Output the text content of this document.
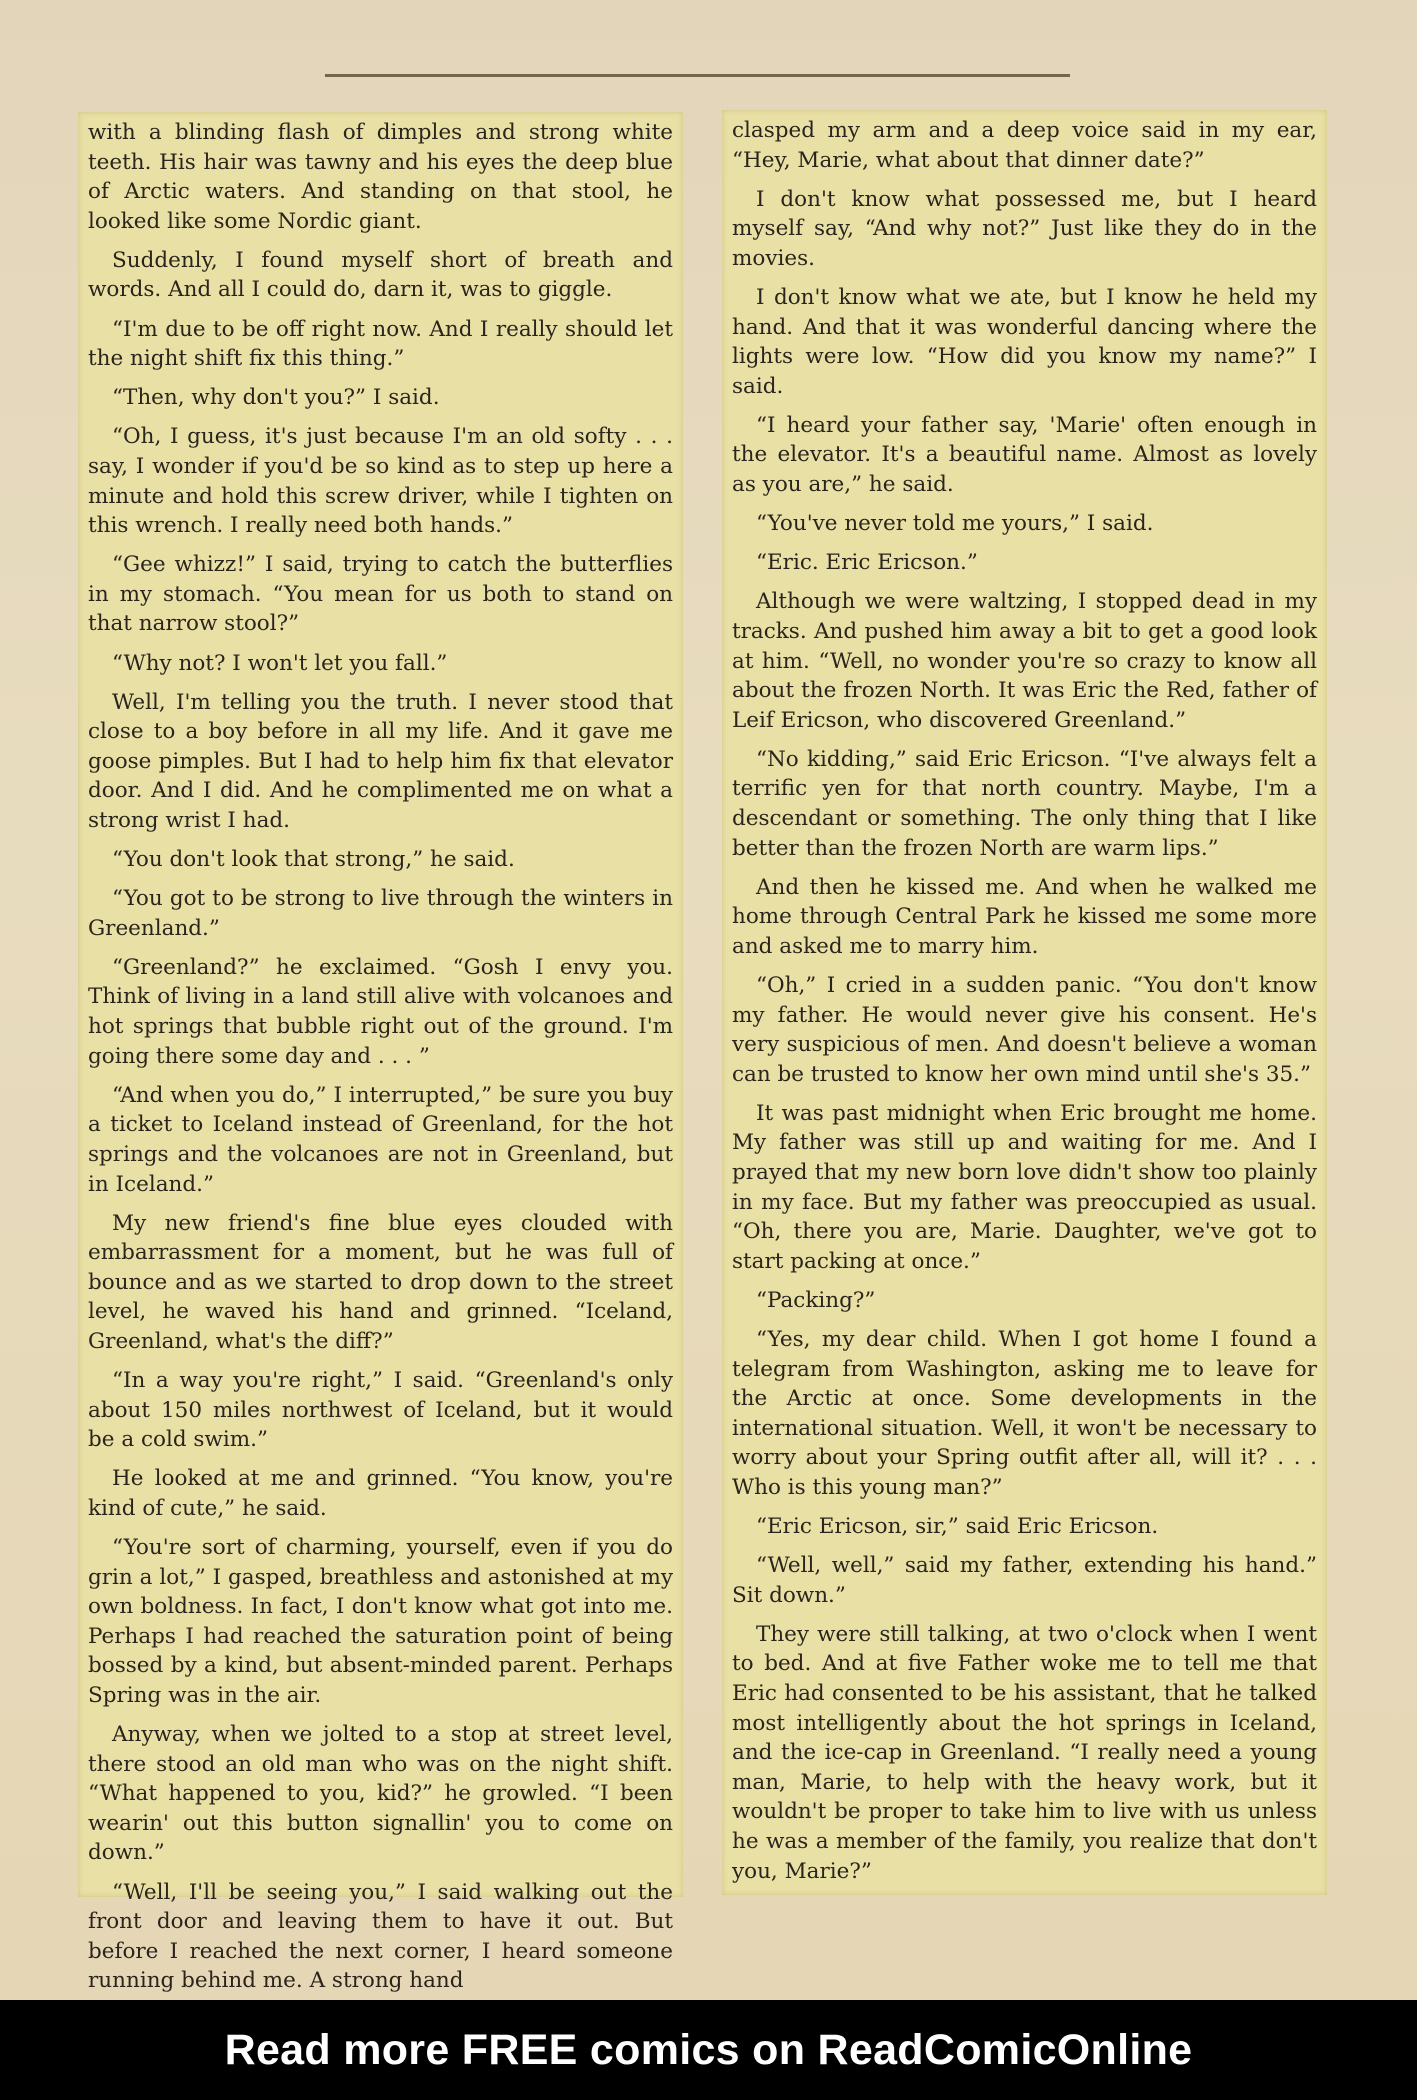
with a blinding flash of dimples and strong white teeth. His hair was tawny and his eyes the deep blue of Arctic waters. And standing on that stool, he looked like some Nordic giant.

Suddenly, I found myself short of breath and words. And all I could do, darn it, was to giggle.

“I'm due to be off right now. And I really should let the night shift fix this thing.”

“Then, why don't you?” I said.

“Oh, I guess, it's just because I'm an old softy . . . say, I wonder if you'd be so kind as to step up here a minute and hold this screw driver, while I tighten on this wrench. I really need both hands.”

“Gee whizz!” I said, trying to catch the butterflies in my stomach. “You mean for us both to stand on that narrow stool?”

“Why not? I won't let you fall.”

Well, I'm telling you the truth. I never stood that close to a boy before in all my life. And it gave me goose pimples. But I had to help him fix that elevator door. And I did. And he complimented me on what a strong wrist I had.

“You don't look that strong,” he said.

“You got to be strong to live through the winters in Greenland.”

“Greenland?” he exclaimed. “Gosh I envy you. Think of living in a land still alive with volcanoes and hot springs that bubble right out of the ground. I'm going there some day and . . . ”

“And when you do,” I interrupted,” be sure you buy a ticket to Iceland instead of Greenland, for the hot springs and the volcanoes are not in Greenland, but in Iceland.”

My new friend's fine blue eyes clouded with embarrassment for a moment, but he was full of bounce and as we started to drop down to the street level, he waved his hand and grinned. “Iceland, Greenland, what's the diff?”

“In a way you're right,” I said. “Greenland's only about 150 miles northwest of Iceland, but it would be a cold swim.”

He looked at me and grinned. “You know, you're kind of cute,” he said.

“You're sort of charming, yourself, even if you do grin a lot,” I gasped, breathless and astonished at my own boldness. In fact, I don't know what got into me. Perhaps I had reached the saturation point of being bossed by a kind, but absent-minded parent. Perhaps Spring was in the air.

Anyway, when we jolted to a stop at street level, there stood an old man who was on the night shift. “What happened to you, kid?” he growled. “I been wearin' out this button signallin' you to come on down.”

“Well, I'll be seeing you,” I said walking out the front door and leaving them to have it out. But before I reached the next corner, I heard someone running behind me. A strong hand

clasped my arm and a deep voice said in my ear, “Hey, Marie, what about that dinner date?”

I don't know what possessed me, but I heard myself say, “And why not?” Just like they do in the movies.

I don't know what we ate, but I know he held my hand. And that it was wonderful dancing where the lights were low. “How did you know my name?” I said.

“I heard your father say, 'Marie' often enough in the elevator. It's a beautiful name. Almost as lovely as you are,” he said.

“You've never told me yours,” I said.

“Eric. Eric Ericson.”

Although we were waltzing, I stopped dead in my tracks. And pushed him away a bit to get a good look at him. “Well, no wonder you're so crazy to know all about the frozen North. It was Eric the Red, father of Leif Ericson, who discovered Greenland.”

“No kidding,” said Eric Ericson. “I've always felt a terrific yen for that north country. Maybe, I'm a descendant or something. The only thing that I like better than the frozen North are warm lips.”

And then he kissed me. And when he walked me home through Central Park he kissed me some more and asked me to marry him.

“Oh,” I cried in a sudden panic. “You don't know my father. He would never give his consent. He's very suspicious of men. And doesn't believe a woman can be trusted to know her own mind until she's 35.”

It was past midnight when Eric brought me home. My father was still up and waiting for me. And I prayed that my new born love didn't show too plainly in my face. But my father was preoccupied as usual. “Oh, there you are, Marie. Daughter, we've got to start packing at once.”

“Packing?”

“Yes, my dear child. When I got home I found a telegram from Washington, asking me to leave for the Arctic at once. Some developments in the international situation. Well, it won't be necessary to worry about your Spring outfit after all, will it? . . . Who is this young man?”

“Eric Ericson, sir,” said Eric Ericson.

“Well, well,” said my father, extending his hand.” Sit down.”

They were still talking, at two o'clock when I went to bed. And at five Father woke me to tell me that Eric had consented to be his assistant, that he talked most intelligently about the hot springs in Iceland, and the ice-cap in Greenland. “I really need a young man, Marie, to help with the heavy work, but it wouldn't be proper to take him to live with us unless he was a member of the family, you realize that don't you, Marie?”

Read more FREE comics on ReadComicOnline
